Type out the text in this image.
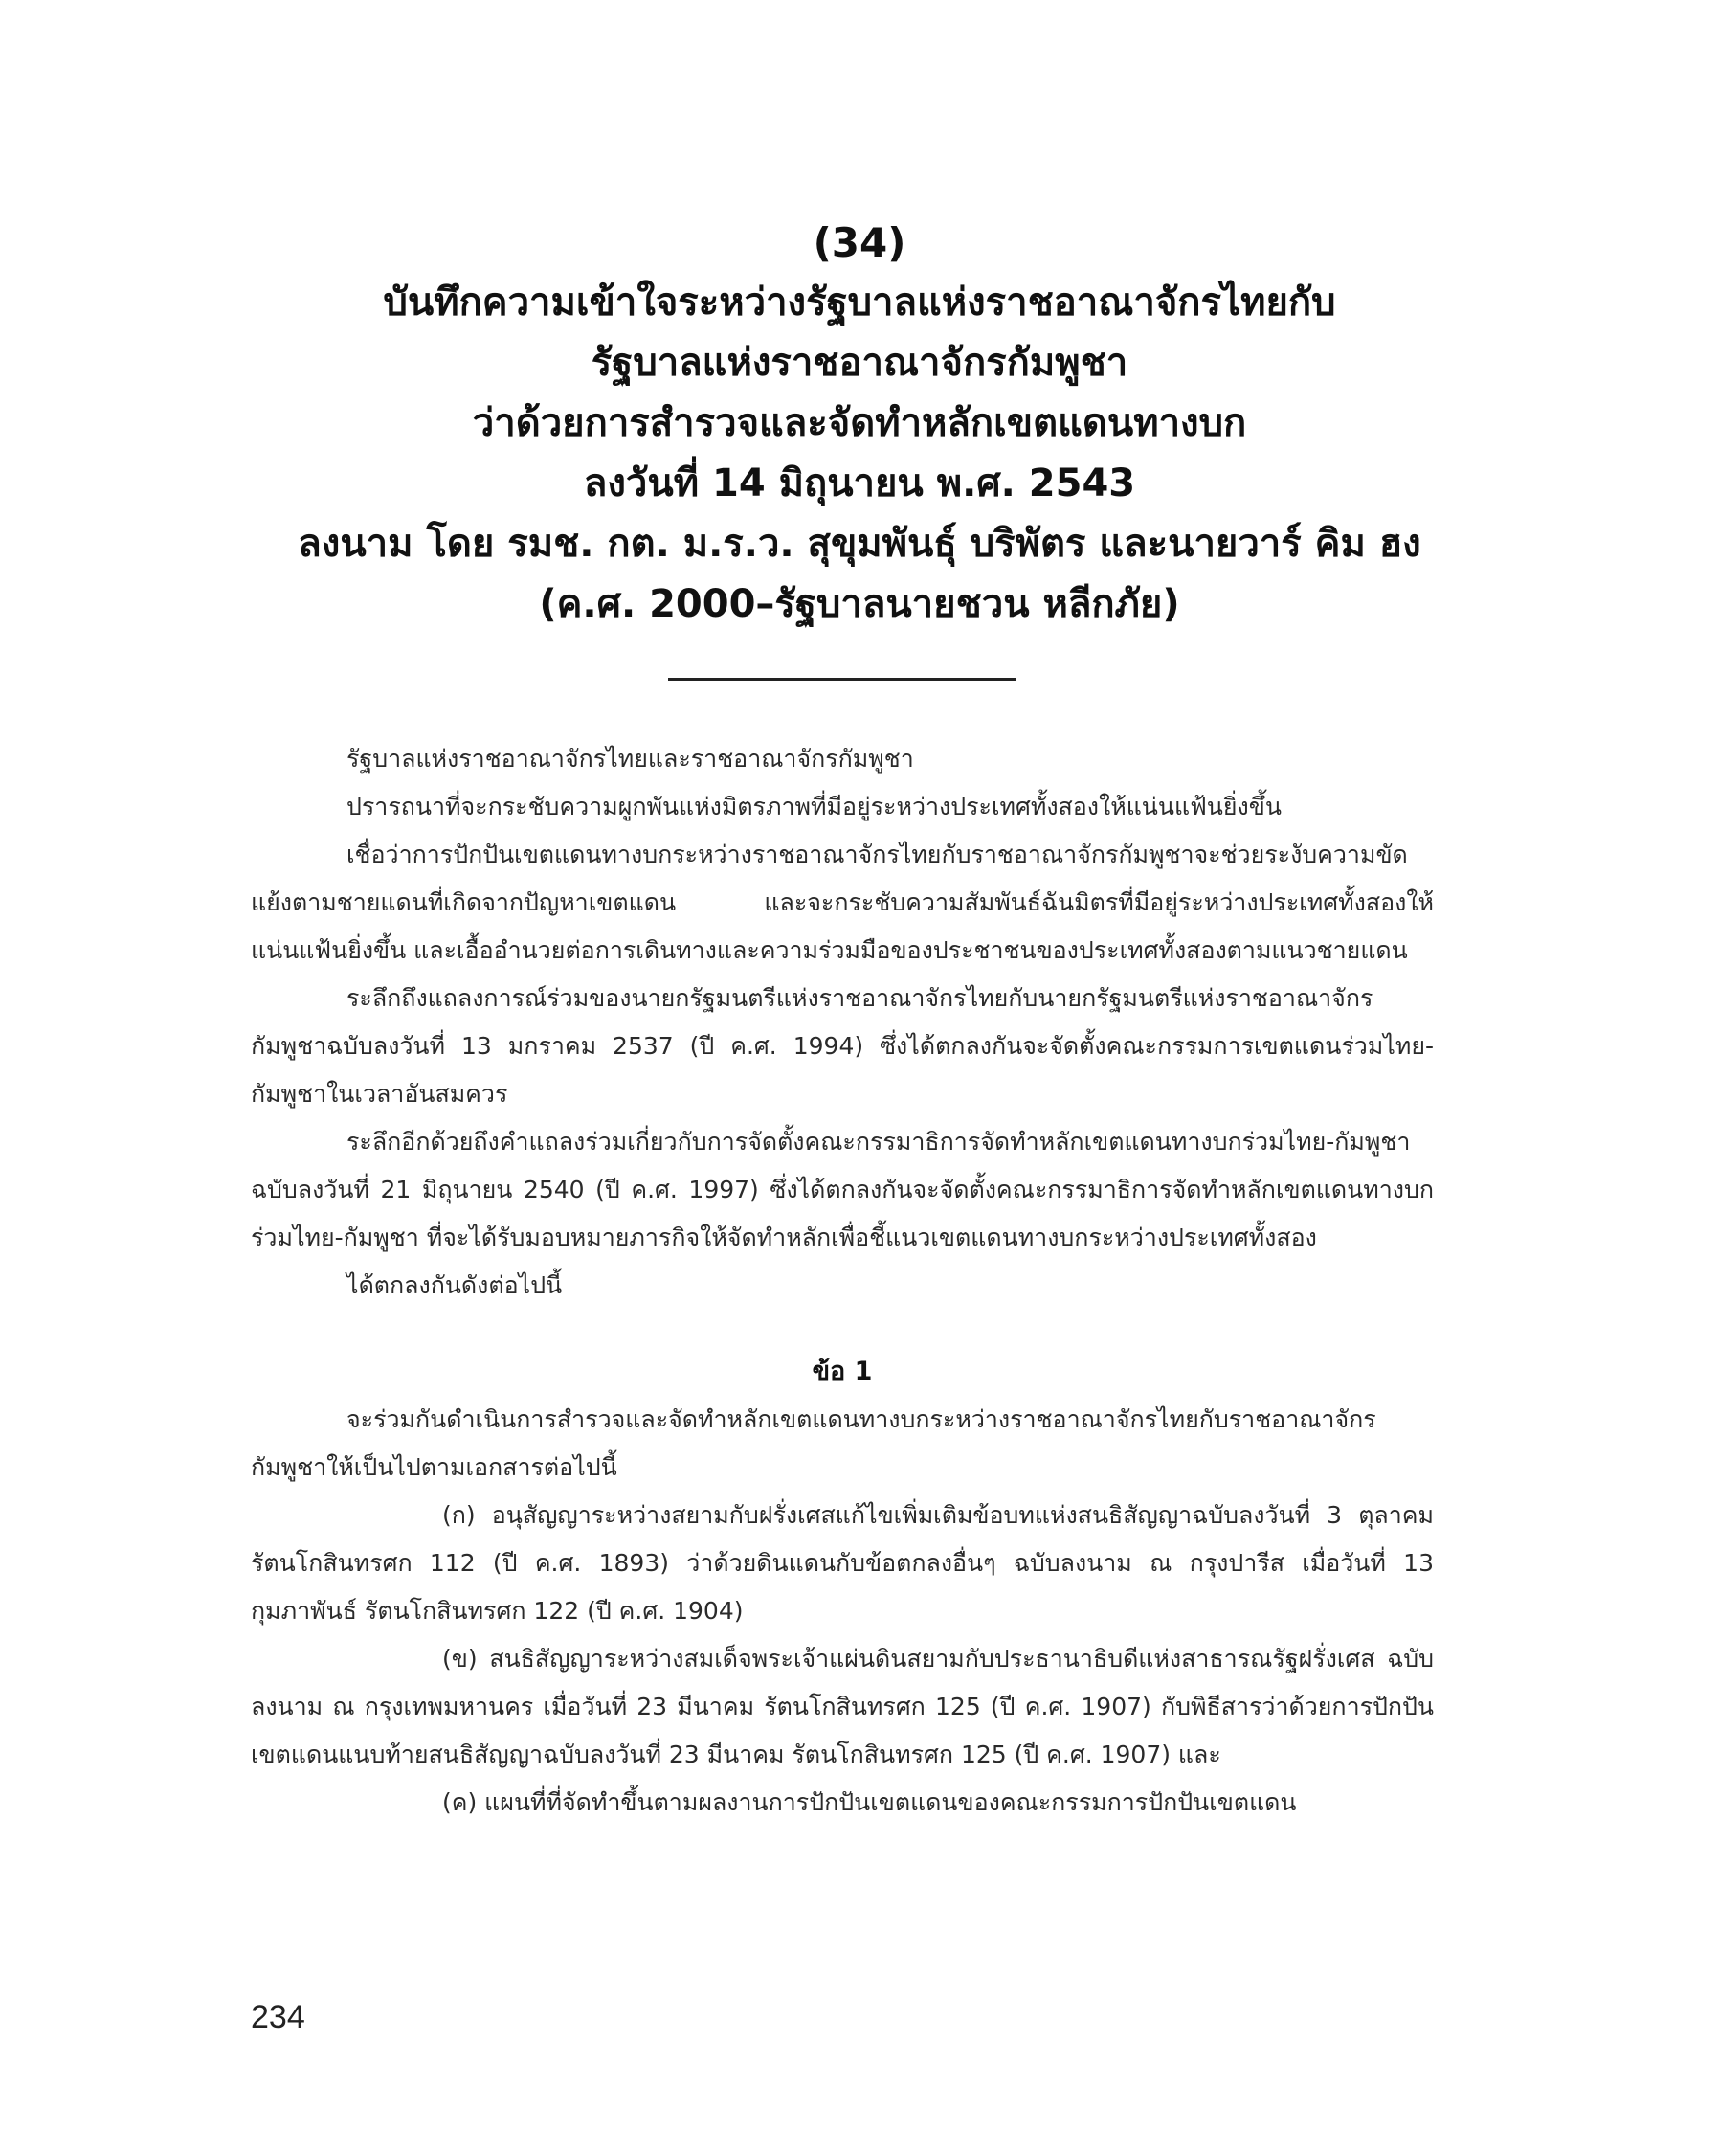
(34)
บันทึกความเข้าใจระหว่างรัฐบาลแห่งราชอาณาจักรไทยกับ
รัฐบาลแห่งราชอาณาจักรกัมพูชา
ว่าด้วยการสำรวจและจัดทำหลักเขตแดนทางบก
ลงวันที่ 14 มิถุนายน พ.ศ. 2543
ลงนาม โดย รมช. กต. ม.ร.ว. สุขุมพันธุ์ บริพัตร และนายวาร์ คิม ฮง
(ค.ศ. 2000–รัฐบาลนายชวน หลีกภัย)

รัฐบาลแห่งราชอาณาจักรไทยและราชอาณาจักรกัมพูชา

ปรารถนาที่จะกระชับความผูกพันแห่งมิตรภาพที่มีอยู่ระหว่างประเทศทั้งสองให้แน่นแฟ้นยิ่งขึ้น

เชื่อว่าการปักปันเขตแดนทางบกระหว่างราชอาณาจักรไทยกับราชอาณาจักรกัมพูชาจะช่วยระงับความขัดแย้งตามชายแดนที่เกิดจากปัญหาเขตแดน และจะกระชับความสัมพันธ์ฉันมิตรที่มีอยู่ระหว่างประเทศทั้งสองให้แน่นแฟ้นยิ่งขึ้น และเอื้ออำนวยต่อการเดินทางและความร่วมมือของประชาชนของประเทศทั้งสองตามแนวชายแดน

ระลึกถึงแถลงการณ์ร่วมของนายกรัฐมนตรีแห่งราชอาณาจักรไทยกับนายกรัฐมนตรีแห่งราชอาณาจักรกัมพูชาฉบับลงวันที่ 13 มกราคม 2537 (ปี ค.ศ. 1994) ซึ่งได้ตกลงกันจะจัดตั้งคณะกรรมการเขตแดนร่วมไทย-กัมพูชาในเวลาอันสมควร

ระลึกอีกด้วยถึงคำแถลงร่วมเกี่ยวกับการจัดตั้งคณะกรรมาธิการจัดทำหลักเขตแดนทางบกร่วมไทย-กัมพูชาฉบับลงวันที่ 21 มิถุนายน 2540 (ปี ค.ศ. 1997) ซึ่งได้ตกลงกันจะจัดตั้งคณะกรรมาธิการจัดทำหลักเขตแดนทางบกร่วมไทย-กัมพูชา ที่จะได้รับมอบหมายภารกิจให้จัดทำหลักเพื่อชี้แนวเขตแดนทางบกระหว่างประเทศทั้งสอง

ได้ตกลงกันดังต่อไปนี้

ข้อ 1

จะร่วมกันดำเนินการสำรวจและจัดทำหลักเขตแดนทางบกระหว่างราชอาณาจักรไทยกับราชอาณาจักรกัมพูชาให้เป็นไปตามเอกสารต่อไปนี้

(ก) อนุสัญญาระหว่างสยามกับฝรั่งเศสแก้ไขเพิ่มเติมข้อบทแห่งสนธิสัญญาฉบับลงวันที่ 3 ตุลาคม รัตนโกสินทรศก 112 (ปี ค.ศ. 1893) ว่าด้วยดินแดนกับข้อตกลงอื่นๆ ฉบับลงนาม ณ กรุงปารีส เมื่อวันที่ 13 กุมภาพันธ์ รัตนโกสินทรศก 122 (ปี ค.ศ. 1904)

(ข) สนธิสัญญาระหว่างสมเด็จพระเจ้าแผ่นดินสยามกับประธานาธิบดีแห่งสาธารณรัฐฝรั่งเศส ฉบับลงนาม ณ กรุงเทพมหานคร เมื่อวันที่ 23 มีนาคม รัตนโกสินทรศก 125 (ปี ค.ศ. 1907) กับพิธีสารว่าด้วยการปักปันเขตแดนแนบท้ายสนธิสัญญาฉบับลงวันที่ 23 มีนาคม รัตนโกสินทรศก 125 (ปี ค.ศ. 1907) และ

(ค) แผนที่ที่จัดทำขึ้นตามผลงานการปักปันเขตแดนของคณะกรรมการปักปันเขตแดน

234
